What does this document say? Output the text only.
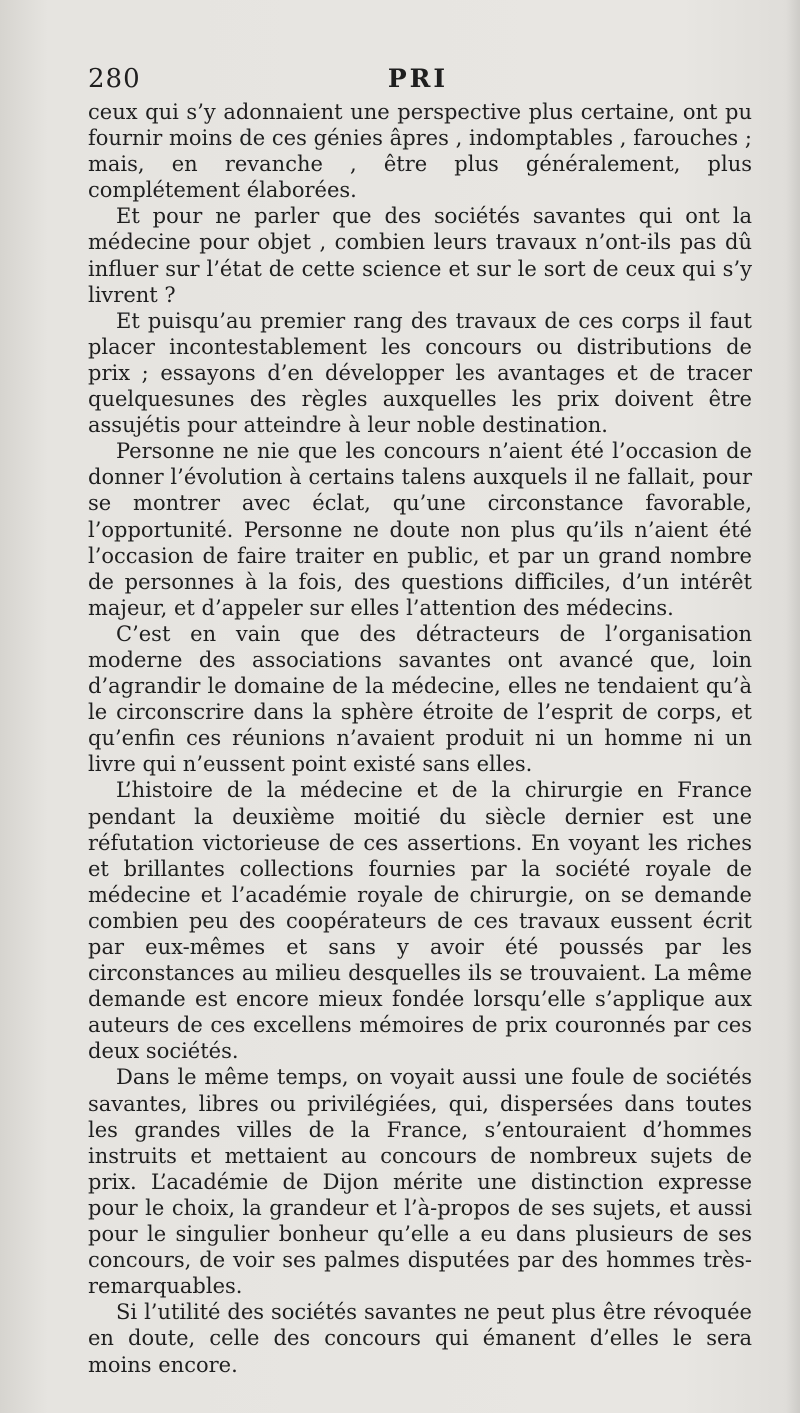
280	PRI

ceux qui s’y adonnaient une perspective plus certaine, ont pu fournir moins de ces génies âpres , indomptables , farouches ; mais, en revanche , être plus généralement, plus complétement élaborées.

Et pour ne parler que des sociétés savantes qui ont la médecine pour objet , combien leurs travaux n’ont-ils pas dû influer sur l’état de cette science et sur le sort de ceux qui s’y livrent ?

Et puisqu’au premier rang des travaux de ces corps il faut placer incontestablement les concours ou distributions de prix ; essayons d’en développer les avantages et de tracer quelquesunes des règles auxquelles les prix doivent être assujétis pour atteindre à leur noble destination.

Personne ne nie que les concours n’aient été l’occasion de donner l’évolution à certains talens auxquels il ne fallait, pour se montrer avec éclat, qu’une circonstance favorable, l’opportunité. Personne ne doute non plus qu’ils n’aient été l’occasion de faire traiter en public, et par un grand nombre de personnes à la fois, des questions difficiles, d’un intérêt majeur, et d’appeler sur elles l’attention des médecins.

C’est en vain que des détracteurs de l’organisation moderne des associations savantes ont avancé que, loin d’agrandir le domaine de la médecine, elles ne tendaient qu’à le circonscrire dans la sphère étroite de l’esprit de corps, et qu’enfin ces réunions n’avaient produit ni un homme ni un livre qui n’eussent point existé sans elles.

L’histoire de la médecine et de la chirurgie en France pendant la deuxième moitié du siècle dernier est une réfutation victorieuse de ces assertions. En voyant les riches et brillantes collections fournies par la société royale de médecine et l’académie royale de chirurgie, on se demande combien peu des coopérateurs de ces travaux eussent écrit par eux-mêmes et sans y avoir été poussés par les circonstances au milieu desquelles ils se trouvaient. La même demande est encore mieux fondée lorsqu’elle s’applique aux auteurs de ces excellens mémoires de prix couronnés par ces deux sociétés.

Dans le même temps, on voyait aussi une foule de sociétés savantes, libres ou privilégiées, qui, dispersées dans toutes les grandes villes de la France, s’entouraient d’hommes instruits et mettaient au concours de nombreux sujets de prix. L’académie de Dijon mérite une distinction expresse pour le choix, la grandeur et l’à-propos de ses sujets, et aussi pour le singulier bonheur qu’elle a eu dans plusieurs de ses concours, de voir ses palmes disputées par des hommes très-remarquables.

Si l’utilité des sociétés savantes ne peut plus être révoquée en doute, celle des concours qui émanent d’elles le sera moins encore.
